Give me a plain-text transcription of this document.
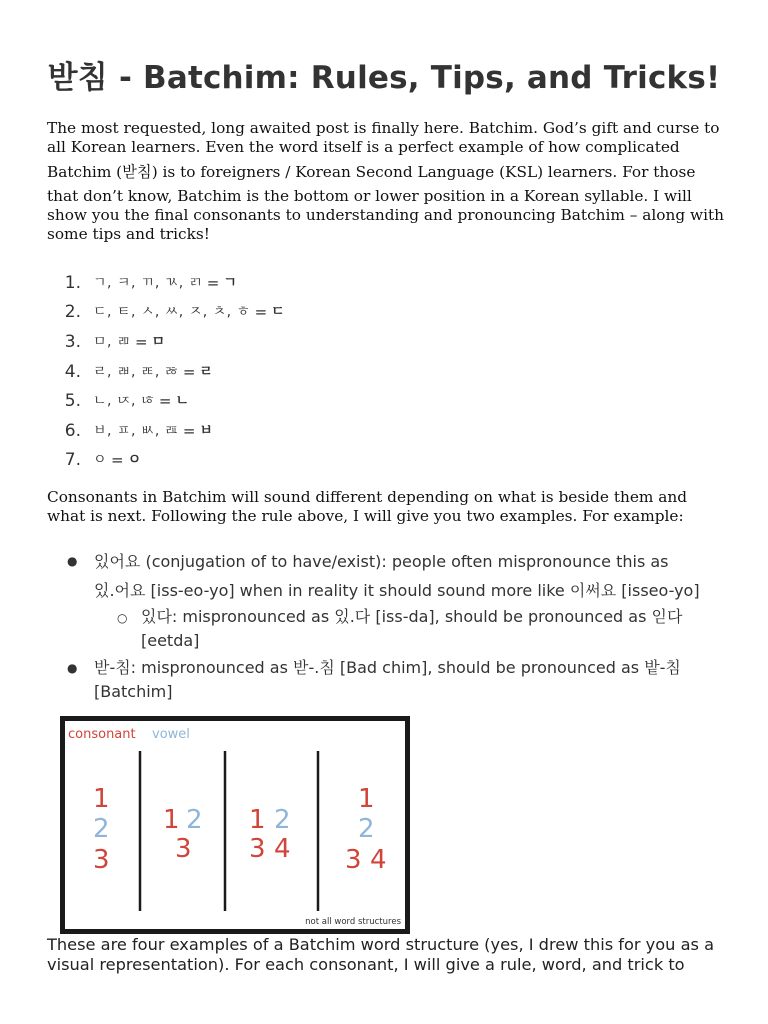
받침 - Batchim: Rules, Tips, and Tricks!
The most requested, long awaited post is finally here. Batchim. God’s gift and curse to
all Korean learners. Even the word itself is a perfect example of how complicated
Batchim (받침) is to foreigners / Korean Second Language (KSL) learners. For those
that don’t know, Batchim is the bottom or lower position in a Korean syllable. I will
show you the final consonants to understanding and pronouncing Batchim – along with
some tips and tricks!
1. ㄱ, ㅋ, ㄲ, ㄳ, ㄺ = ㄱ
2. ㄷ, ㅌ, ㅅ, ㅆ, ㅈ, ㅊ, ㅎ = ㄷ
3. ㅁ, ㄻ = ㅁ
4. ㄹ, ㄼ, ㄾ, ㅀ = ㄹ
5. ㄴ, ㄵ, ㄶ = ㄴ
6. ㅂ, ㅍ, ㅄ, ㄿ = ㅂ
7. ㅇ = ㅇ
Consonants in Batchim will sound different depending on what is beside them and
what is next. Following the rule above, I will give you two examples. For example:
● 있어요 (conjugation of to have/exist): people often mispronounce this as
있.어요 [iss-eo-yo] when in reality it should sound more like 이써요 [isseo-yo]
○ 있다: mispronounced as 있.다 [iss-da], should be pronounced as 읻다
[eetda]
● 받-침: mispronounced as 받-.침 [Bad chim], should be pronounced as 밭-침
[Batchim]
consonant vowel
1
2
3
1 2
3
1 2
3 4
1
2
3 4
not all word structures
These are four examples of a Batchim word structure (yes, I drew this for you as a
visual representation). For each consonant, I will give a rule, word, and trick to
